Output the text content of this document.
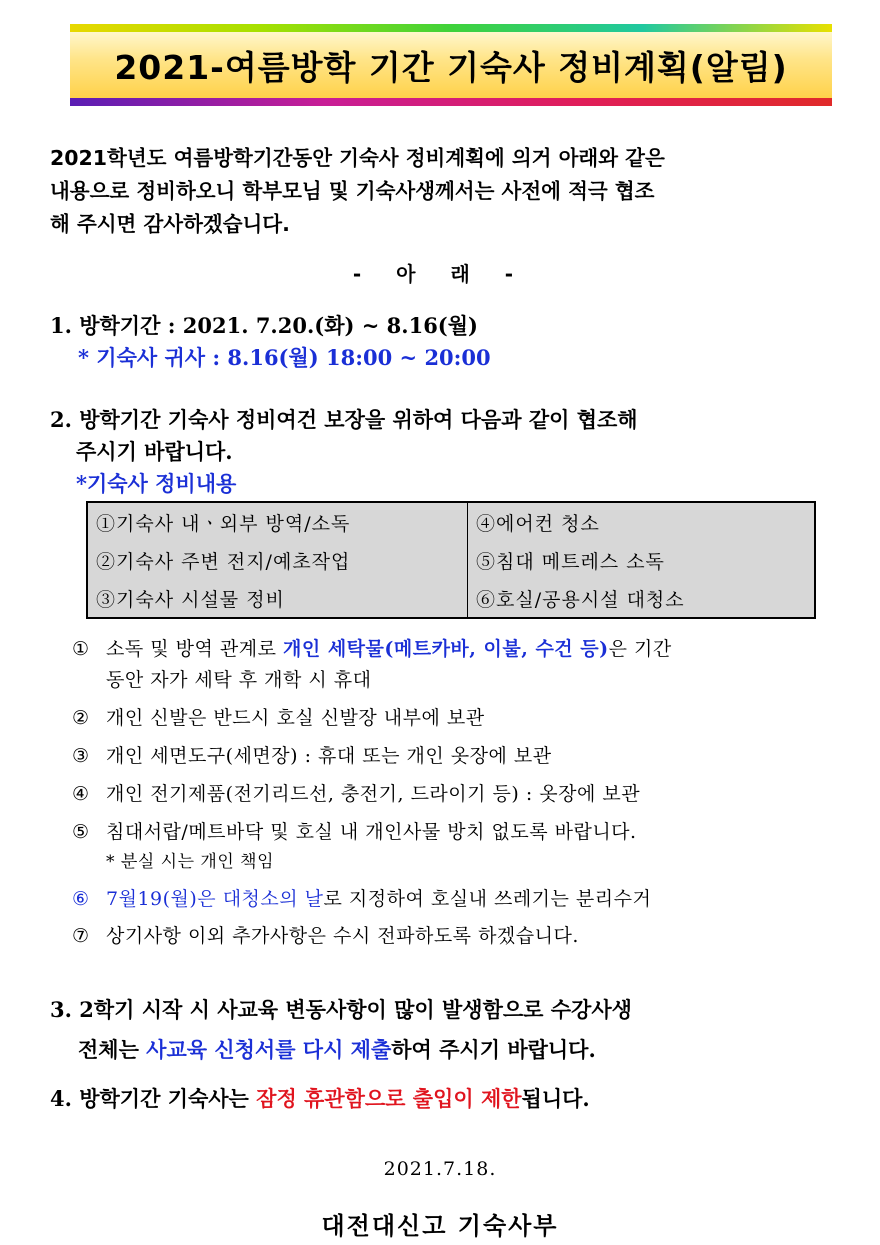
2021-여름방학 기간 기숙사 정비계획(알림)
2021학년도 여름방학기간동안 기숙사 정비계획에 의거 아래와 같은
내용으로 정비하오니 학부모님 및 기숙사생께서는 사전에 적극 협조
해 주시면 감사하겠습니다.
- 아 래 -
1. 방학기간 : 2021. 7.20.(화) ~ 8.16(월)
* 기숙사 귀사 : 8.16(월) 18:00 ~ 20:00
2. 방학기간 기숙사 정비여건 보장을 위하여 다음과 같이 협조해
주시기 바랍니다.
*기숙사 정비내용
①기숙사 내ㆍ외부 방역/소독	④에어컨 청소
②기숙사 주변 전지/예초작업	⑤침대 메트레스 소독
③기숙사 시설물 정비	⑥호실/공용시설 대청소
① 소독 및 방역 관계로 개인 세탁물(메트카바, 이불, 수건 등)은 기간
동안 자가 세탁 후 개학 시 휴대
② 개인 신발은 반드시 호실 신발장 내부에 보관
③ 개인 세면도구(세면장) : 휴대 또는 개인 옷장에 보관
④ 개인 전기제품(전기리드선, 충전기, 드라이기 등) : 옷장에 보관
⑤ 침대서랍/메트바닥 및 호실 내 개인사물 방치 없도록 바랍니다.
* 분실 시는 개인 책임
⑥ 7월19(월)은 대청소의 날로 지정하여 호실내 쓰레기는 분리수거
⑦ 상기사항 이외 추가사항은 수시 전파하도록 하겠습니다.
3. 2학기 시작 시 사교육 변동사항이 많이 발생함으로 수강사생
전체는 사교육 신청서를 다시 제출하여 주시기 바랍니다.
4. 방학기간 기숙사는 잠정 휴관함으로 출입이 제한됩니다.
2021.7.18.
대전대신고 기숙사부
